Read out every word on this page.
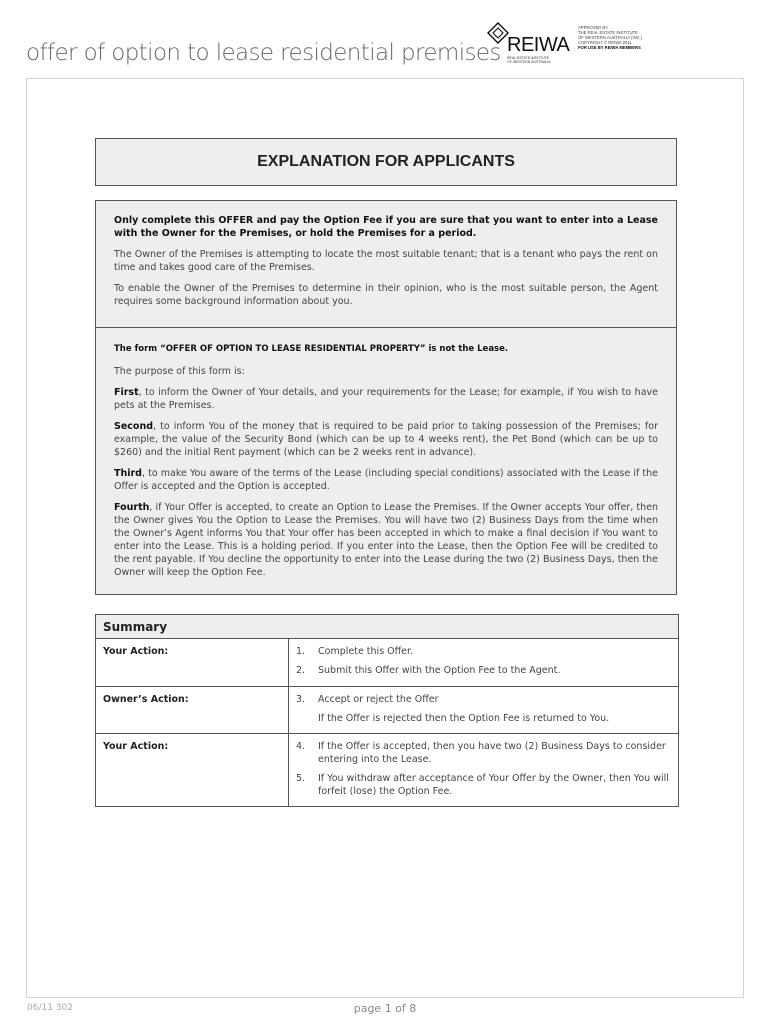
offer of option to lease residential premises REIWA
REAL ESTATE INSTITUTE
OF WESTERN AUSTRALIA
APPROVED BY
THE REAL ESTATE INSTITUTE
OF WESTERN AUSTRALIA (INC.)
COPYRIGHT © REIWA 2011
FOR USE BY REIWA MEMBERS
EXPLANATION FOR APPLICANTS

Only complete this OFFER and pay the Option Fee if you are sure that you want to enter into a Lease with the Owner for the Premises, or hold the Premises for a period.

The Owner of the Premises is attempting to locate the most suitable tenant; that is a tenant who pays the rent on time and takes good care of the Premises.

To enable the Owner of the Premises to determine in their opinion, who is the most suitable person, the Agent requires some background information about you.

The form “OFFER OF OPTION TO LEASE RESIDENTIAL PROPERTY” is not the Lease.

The purpose of this form is:

First, to inform the Owner of Your details, and your requirements for the Lease; for example, if You wish to have pets at the Premises.

Second, to inform You of the money that is required to be paid prior to taking possession of the Premises; for example, the value of the Security Bond (which can be up to 4 weeks rent), the Pet Bond (which can be up to $260) and the initial Rent payment (which can be 2 weeks rent in advance).

Third, to make You aware of the terms of the Lease (including special conditions) associated with the Lease if the Offer is accepted and the Option is accepted.

Fourth, if Your Offer is accepted, to create an Option to Lease the Premises. If the Owner accepts Your offer, then the Owner gives You the Option to Lease the Premises. You will have two (2) Business Days from the time when the Owner’s Agent informs You that Your offer has been accepted in which to make a final decision if You want to enter into the Lease. This is a holding period. If you enter into the Lease, then the Option Fee will be credited to the rent payable. If You decline the opportunity to enter into the Lease during the two (2) Business Days, then the Owner will keep the Option Fee.

Summary
Your Action:	1.	Complete this Offer.
2.	Submit this Offer with the Option Fee to the Agent.
Owner’s Action:	3.	Accept or reject the Offer
If the Offer is rejected then the Option Fee is returned to You.
Your Action:	4.	If the Offer is accepted, then you have two (2) Business Days to consider entering into the Lease.
5.	If You withdraw after acceptance of Your Offer by the Owner, then You will forfeit (lose) the Option Fee.
06/11 302	page 1 of 8
